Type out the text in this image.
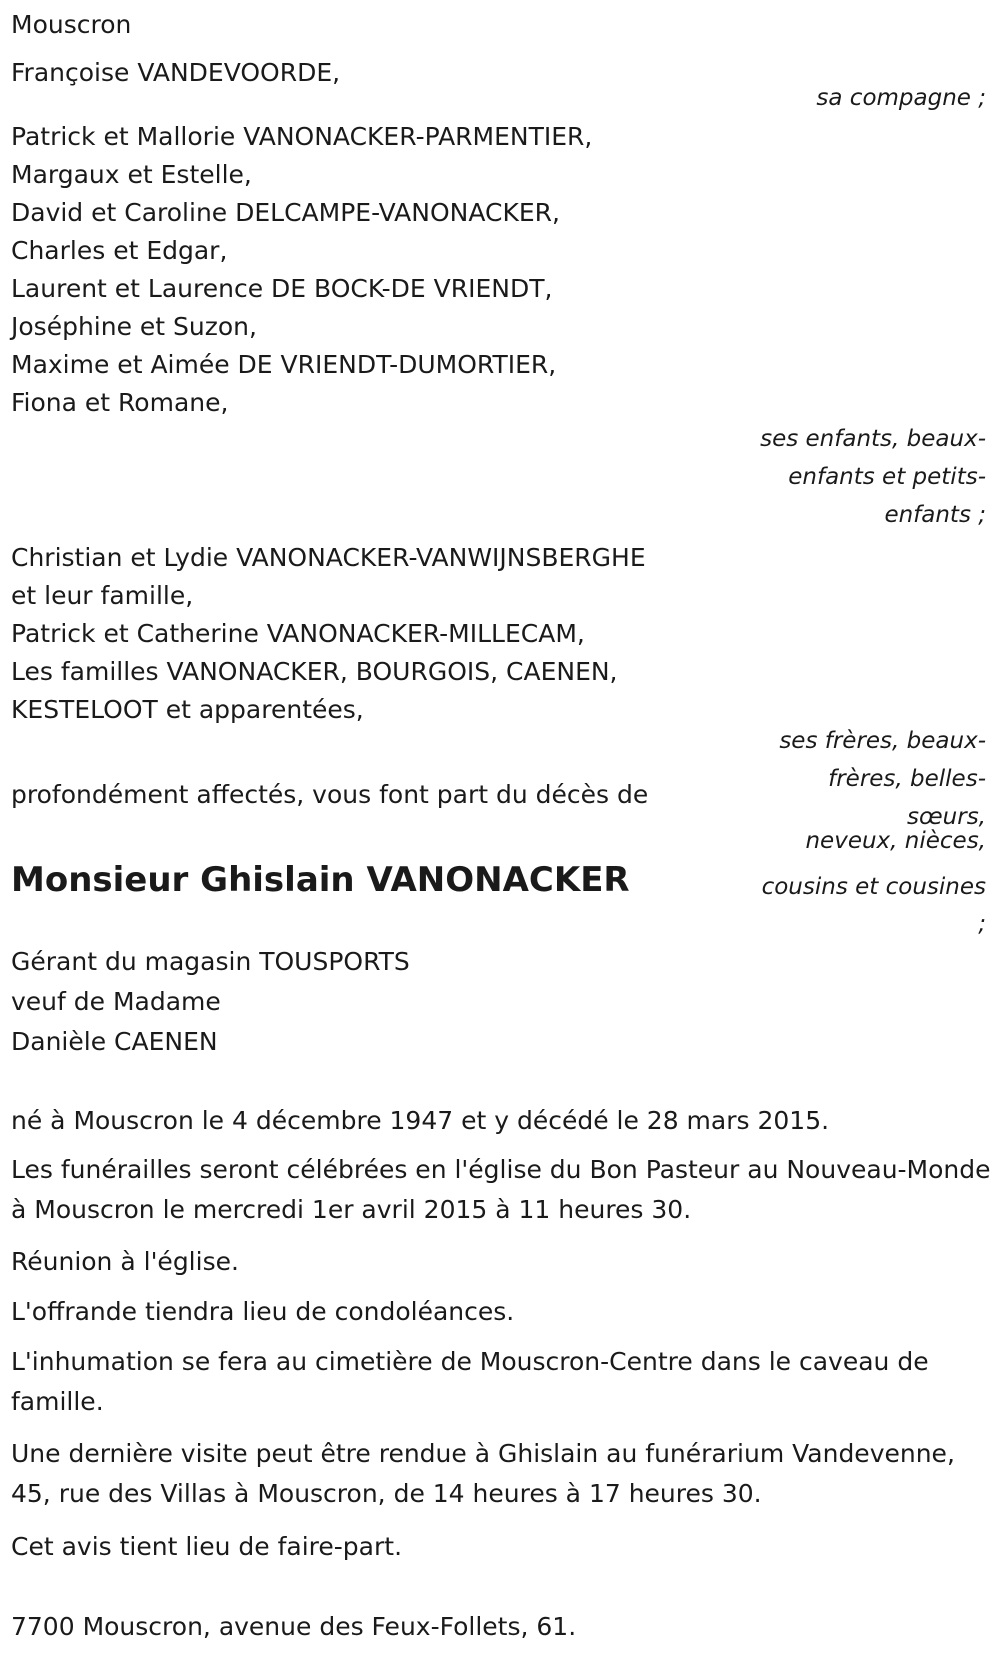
Mouscron

Françoise VANDEVOORDE,

sa compagne ;

Patrick et Mallorie VANONACKER-PARMENTIER,

Margaux et Estelle,

David et Caroline DELCAMPE-VANONACKER,

Charles et Edgar,

Laurent et Laurence DE BOCK-DE VRIENDT,

Joséphine et Suzon,

Maxime et Aimée DE VRIENDT-DUMORTIER,

Fiona et Romane,

ses enfants, beaux-

enfants et petits-

enfants ;

Christian et Lydie VANONACKER-VANWIJNSBERGHE

et leur famille,

Patrick et Catherine VANONACKER-MILLECAM,

Les familles VANONACKER, BOURGOIS, CAENEN,

KESTELOOT et apparentées,

ses frères, beaux-

frères, belles-

sœurs,

neveux, nièces,

cousins et cousines

;

profondément affectés, vous font part du décès de

Monsieur Ghislain VANONACKER

Gérant du magasin TOUSPORTS

veuf de Madame

Danièle CAENEN

né à Mouscron le 4 décembre 1947 et y décédé le 28 mars 2015.

Les funérailles seront célébrées en l'église du Bon Pasteur au Nouveau-Monde à Mouscron le mercredi 1er avril 2015 à 11 heures 30.

Réunion à l'église.

L'offrande tiendra lieu de condoléances.

L'inhumation se fera au cimetière de Mouscron-Centre dans le caveau de famille.

Une dernière visite peut être rendue à Ghislain au funérarium Vandevenne, 45, rue des Villas à Mouscron, de 14 heures à 17 heures 30.

Cet avis tient lieu de faire-part.

7700 Mouscron, avenue des Feux-Follets, 61.
